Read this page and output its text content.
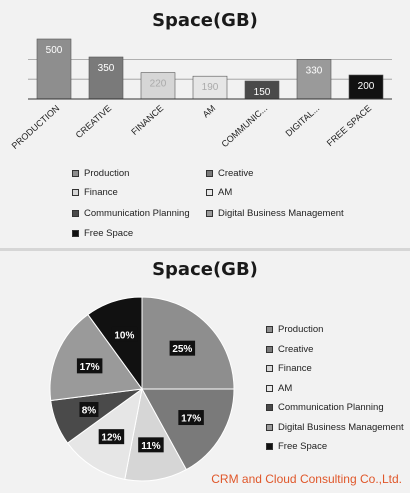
Space(GB)
500
PRODUCTION
350
CREATIVE
220
FINANCE
190
AM
150
COMMUNIC...
330
DIGITAL...
200
FREE SPACE
Production	Creative
Finance	AM
Communication Planning	Digital Business Management
Free Space
Space(GB)
25%
17%
11%
12%
8%
17%
10%
Production
Creative
Finance
AM
Communication Planning
Digital Business Management
Free Space
CRM and Cloud Consulting Co.,Ltd.
